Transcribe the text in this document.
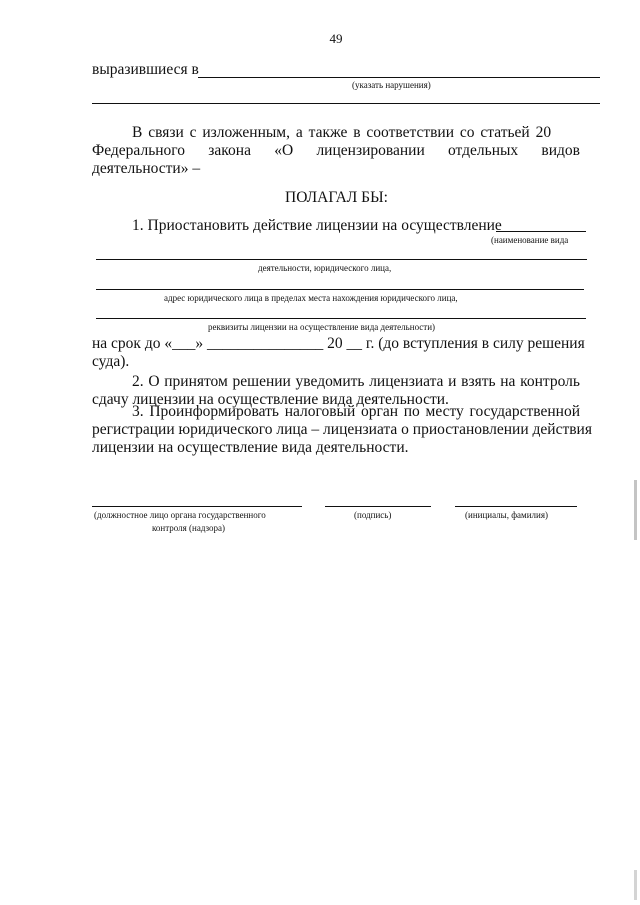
49
выразившиеся в
(указать нарушения)
В связи с изложенным, а также в соответствии со статьей 20
Федерального закона «О лицензировании отдельных видов
деятельности» –
ПОЛАГАЛ БЫ:
1. Приостановить действие лицензии на осуществление
(наименование вида
деятельности, юридического лица,
адрес юридического лица в пределах места нахождения юридического лица,
реквизиты лицензии на осуществление вида деятельности)
на срок до «___» _______________ 20 __ г. (до вступления в силу решения
суда).
2. О принятом решении уведомить лицензиата и взять на контроль
сдачу лицензии на осуществление вида деятельности.
3. Проинформировать налоговый орган по месту государственной
регистрации юридического лица – лицензиата о приостановлении действия
лицензии на осуществление вида деятельности.
(должностное лицо органа государственного
контроля (надзора)
(подпись)	(инициалы, фамилия)
